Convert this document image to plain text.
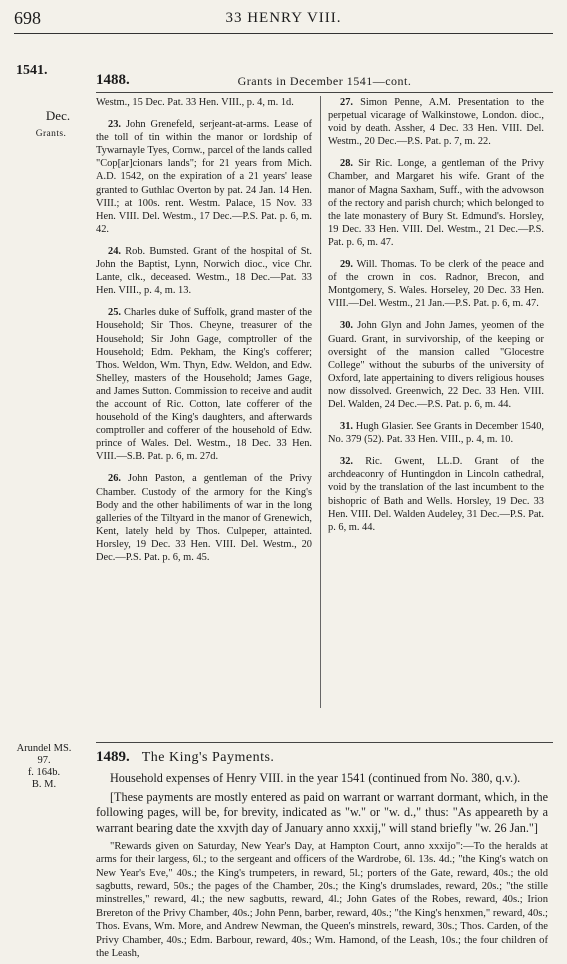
698	33 HENRY VIII.
1541.
Dec.
Grants.
1488.	Grants in December 1541—cont.

Westm., 15 Dec. Pat. 33 Hen. VIII., p. 4, m. 1d.

23. John Grenefeld, serjeant-at-arms. Lease of the toll of tin within the manor or lordship of Tywarnayle Tyes, Cornw., parcel of the lands called "Cop[ar]cionars lands"; for 21 years from Mich. A.D. 1542, on the expiration of a 21 years' lease granted to Guthlac Overton by pat. 24 Jan. 14 Hen. VIII.; at 100s. rent. Westm. Palace, 15 Nov. 33 Hen. VIII. Del. Westm., 17 Dec.—P.S. Pat. p. 6, m. 42.

24. Rob. Bumsted. Grant of the hospital of St. John the Baptist, Lynn, Norwich dioc., vice Chr. Lante, clk., deceased. Westm., 18 Dec.—Pat. 33 Hen. VIII., p. 4, m. 13.

25. Charles duke of Suffolk, grand master of the Household; Sir Thos. Cheyne, treasurer of the Household; Sir John Gage, comptroller of the Household; Edm. Pekham, the King's cofferer; Thos. Weldon, Wm. Thyn, Edw. Weldon, and Edw. Shelley, masters of the Household; James Gage, and James Sutton. Commission to receive and audit the account of Ric. Cotton, late cofferer of the household of the King's daughters, and afterwards comptroller and cofferer of the household of Edw. prince of Wales. Del. Westm., 18 Dec. 33 Hen. VIII.—S.B. Pat. p. 6, m. 27d.

26. John Paston, a gentleman of the Privy Chamber. Custody of the armory for the King's Body and the other habiliments of war in the long galleries of the Tiltyard in the manor of Grenewich, Kent, lately held by Thos. Culpeper, attainted. Horsley, 19 Dec. 33 Hen. VIII. Del. Westm., 20 Dec.—P.S. Pat. p. 6, m. 45.

27. Simon Penne, A.M. Presentation to the perpetual vicarage of Walkinstowe, London. dioc., void by death. Assher, 4 Dec. 33 Hen. VIII. Del. Westm., 20 Dec.—P.S. Pat. p. 7, m. 22.

28. Sir Ric. Longe, a gentleman of the Privy Chamber, and Margaret his wife. Grant of the manor of Magna Saxham, Suff., with the advowson of the rectory and parish church; which belonged to the late monastery of Bury St. Edmund's. Horsley, 19 Dec. 33 Hen. VIII. Del. Westm., 21 Dec.—P.S. Pat. p. 6, m. 47.

29. Will. Thomas. To be clerk of the peace and of the crown in cos. Radnor, Brecon, and Montgomery, S. Wales. Horseley, 20 Dec. 33 Hen. VIII.—Del. Westm., 21 Jan.—P.S. Pat. p. 6, m. 47.

30. John Glyn and John James, yeomen of the Guard. Grant, in survivorship, of the keeping or oversight of the mansion called "Glocestre College" without the suburbs of the university of Oxford, late appertaining to divers religious houses now dissolved. Greenwich, 22 Dec. 33 Hen. VIII. Del. Walden, 24 Dec.—P.S. Pat. p. 6, m. 44.

31. Hugh Glasier. See Grants in December 1540, No. 379 (52). Pat. 33 Hen. VIII., p. 4, m. 10.

32. Ric. Gwent, LL.D. Grant of the archdeaconry of Huntingdon in Lincoln cathedral, void by the translation of the last incumbent to the bishopric of Bath and Wells. Horsley, 19 Dec. 33 Hen. VIII. Del. Walden Audeley, 31 Dec.—P.S. Pat. p. 6, m. 44.

Arundel MS.
97.
f. 164b.
B. M.
1489. The King's Payments.

Household expenses of Henry VIII. in the year 1541 (continued from No. 380, q.v.).

[These payments are mostly entered as paid on warrant or warrant dormant, which, in the following pages, will be, for brevity, indicated as "w." or "w. d.," thus: "As appeareth by a warrant bearing date the xxvjth day of January anno xxxij," will stand briefly "w. 26 Jan."]

"Rewards given on Saturday, New Year's Day, at Hampton Court, anno xxxijo":—To the heralds at arms for their largess, 6l.; to the sergeant and officers of the Wardrobe, 6l. 13s. 4d.; "the King's watch on New Year's Eve," 40s.; the King's trumpeters, in reward, 5l.; porters of the Gate, reward, 40s.; the old sagbutts, reward, 50s.; the pages of the Chamber, 20s.; the King's drumslades, reward, 20s.; "the stille minstrelles," reward, 4l.; the new sagbutts, reward, 4l.; John Gates of the Robes, reward, 40s.; Irion Brereton of the Privy Chamber, 40s.; John Penn, barber, reward, 40s.; "the King's henxmen," reward, 40s.; Thos. Evans, Wm. More, and Andrew Newman, the Queen's minstrels, reward, 30s.; Thos. Carden, of the Privy Chamber, 40s.; Edm. Barbour, reward, 40s.; Wm. Hamond, of the Leash, 10s.; the four children of the Leash,
